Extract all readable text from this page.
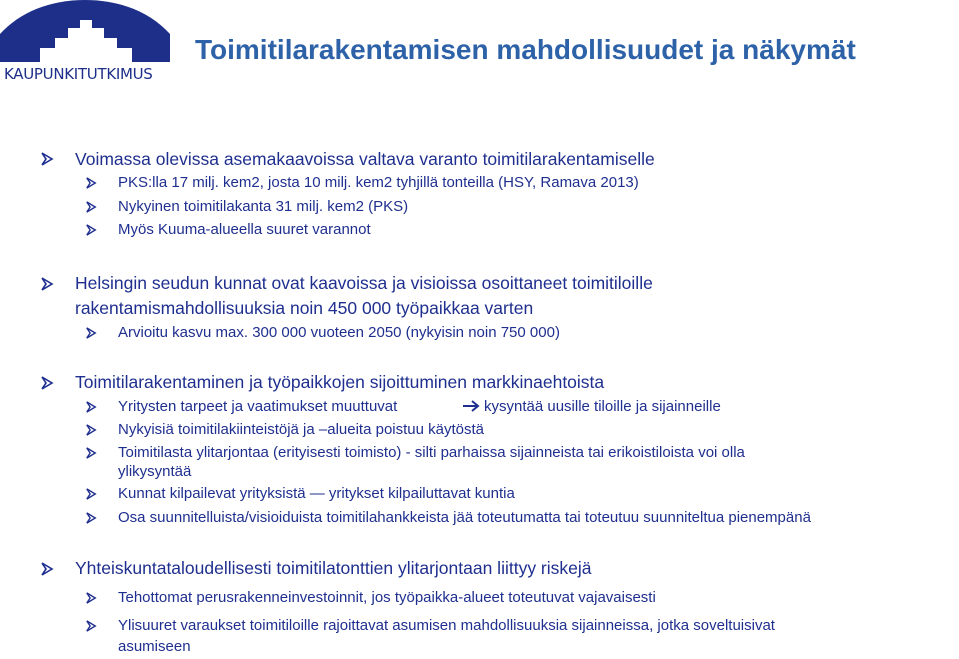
KAUPUNKITUTKIMUS
Toimitilarakentamisen mahdollisuudet ja näkymät
Voimassa olevissa asemakaavoissa valtava varanto toimitilarakentamiselle
PKS:lla 17 milj. kem2, josta 10 milj. kem2 tyhjillä tonteilla (HSY, Ramava 2013)
Nykyinen toimitilakanta 31 milj. kem2 (PKS)
Myös Kuuma-alueella suuret varannot
Helsingin seudun kunnat ovat kaavoissa ja visioissa osoittaneet toimitiloille
rakentamismahdollisuuksia noin 450 000 työpaikkaa varten
Arvioitu kasvu max. 300 000 vuoteen 2050 (nykyisin noin 750 000)
Toimitilarakentaminen ja työpaikkojen sijoittuminen markkinaehtoista
Yritysten tarpeet ja vaatimukset muuttuvat	kysyntää uusille tiloille ja sijainneille
Nykyisiä toimitilakiinteistöjä ja –alueita poistuu käytöstä
Toimitilasta ylitarjontaa (erityisesti toimisto) - silti parhaissa sijainneista tai erikoistiloista voi olla
ylikysyntää
Kunnat kilpailevat yrityksistä — yritykset kilpailuttavat kuntia
Osa suunnitelluista/visioiduista toimitilahankkeista jää toteutumatta tai toteutuu suunniteltua pienempänä
Yhteiskuntataloudellisesti toimitilatonttien ylitarjontaan liittyy riskejä
Tehottomat perusrakenneinvestoinnit, jos työpaikka-alueet toteutuvat vajavaisesti
Ylisuuret varaukset toimitiloille rajoittavat asumisen mahdollisuuksia sijainneissa, jotka soveltuisivat
asumiseen
